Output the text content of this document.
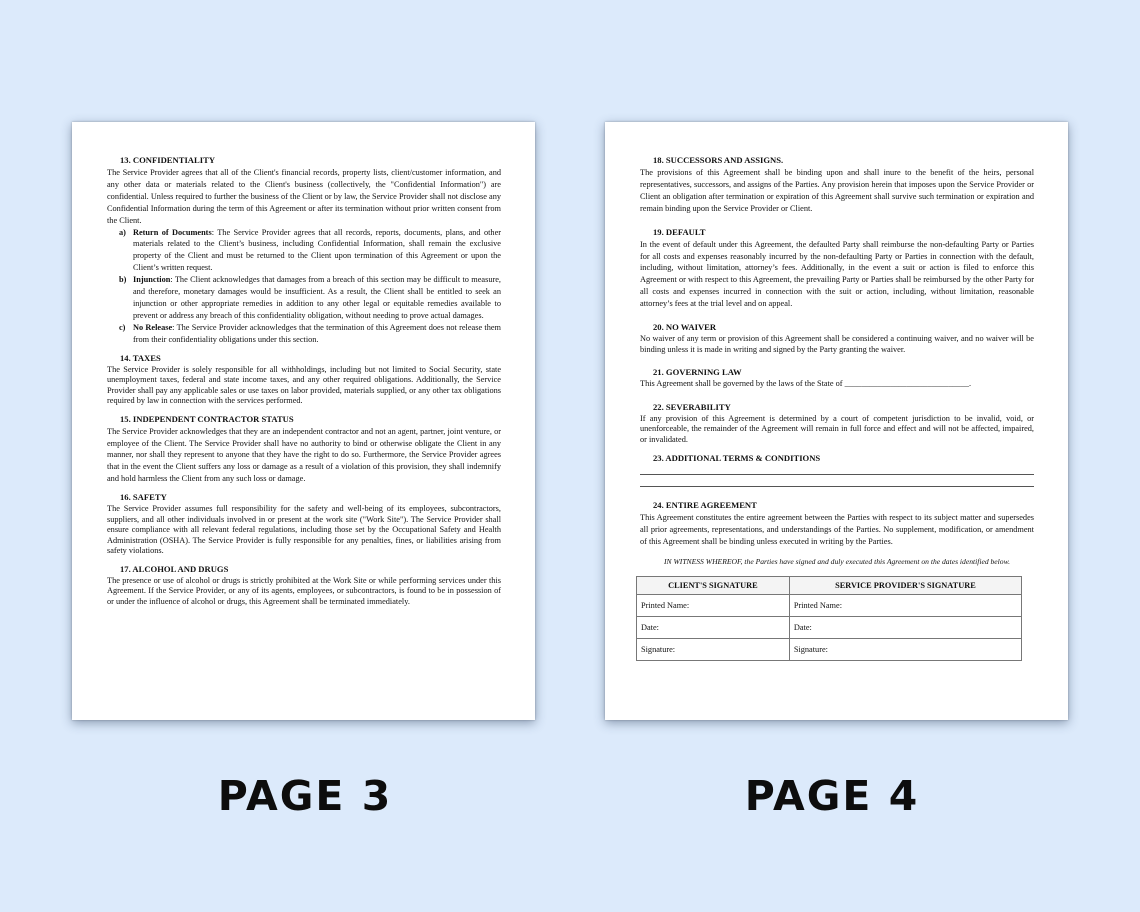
13. CONFIDENTIALITY

The Service Provider agrees that all of the Client's financial records, property lists, client/customer information, and any other data or materials related to the Client's business (collectively, the "Confidential Information") are confidential. Unless required to further the business of the Client or by law, the Service Provider shall not disclose any Confidential Information during the term of this Agreement or after its termination without prior written consent from the Client.

a) Return of Documents: The Service Provider agrees that all records, reports, documents, plans, and other materials related to the Client’s business, including Confidential Information, shall remain the exclusive property of the Client and must be returned to the Client upon termination of this Agreement or upon the Client’s written request.
b) Injunction: The Client acknowledges that damages from a breach of this section may be difficult to measure, and therefore, monetary damages would be insufficient. As a result, the Client shall be entitled to seek an injunction or other appropriate remedies in addition to any other legal or equitable remedies available to prevent or address any breach of this confidentiality obligation, without needing to prove actual damages.
c) No Release: The Service Provider acknowledges that the termination of this Agreement does not release them from their confidentiality obligations under this section.
14. TAXES

The Service Provider is solely responsible for all withholdings, including but not limited to Social Security, state unemployment taxes, federal and state income taxes, and any other required obligations. Additionally, the Service Provider shall pay any applicable sales or use taxes on labor provided, materials supplied, or any other tax obligations required by law in connection with the services performed.

15. INDEPENDENT CONTRACTOR STATUS

The Service Provider acknowledges that they are an independent contractor and not an agent, partner, joint venture, or employee of the Client. The Service Provider shall have no authority to bind or otherwise obligate the Client in any manner, nor shall they represent to anyone that they have the right to do so. Furthermore, the Service Provider agrees that in the event the Client suffers any loss or damage as a result of a violation of this provision, they shall indemnify and hold harmless the Client from any such loss or damage.

16. SAFETY

The Service Provider assumes full responsibility for the safety and well-being of its employees, subcontractors, suppliers, and all other individuals involved in or present at the work site ("Work Site"). The Service Provider shall ensure compliance with all relevant federal regulations, including those set by the Occupational Safety and Health Administration (OSHA). The Service Provider is fully responsible for any penalties, fines, or liabilities arising from safety violations.

17. ALCOHOL AND DRUGS

The presence or use of alcohol or drugs is strictly prohibited at the Work Site or while performing services under this Agreement. If the Service Provider, or any of its agents, employees, or subcontractors, is found to be in possession of or under the influence of alcohol or drugs, this Agreement shall be terminated immediately.

18. SUCCESSORS AND ASSIGNS.

The provisions of this Agreement shall be binding upon and shall inure to the benefit of the heirs, personal representatives, successors, and assigns of the Parties. Any provision herein that imposes upon the Service Provider or Client an obligation after termination or expiration of this Agreement shall survive such termination or expiration and remain binding upon the Service Provider or Client.

19. DEFAULT

In the event of default under this Agreement, the defaulted Party shall reimburse the non-defaulting Party or Parties for all costs and expenses reasonably incurred by the non-defaulting Party or Parties in connection with the default, including, without limitation, attorney’s fees. Additionally, in the event a suit or action is filed to enforce this Agreement or with respect to this Agreement, the prevailing Party or Parties shall be reimbursed by the other Party for all costs and expenses incurred in connection with the suit or action, including, without limitation, reasonable attorney’s fees at the trial level and on appeal.

20. NO WAIVER

No waiver of any term or provision of this Agreement shall be considered a continuing waiver, and no waiver will be binding unless it is made in writing and signed by the Party granting the waiver.

21. GOVERNING LAW

This Agreement shall be governed by the laws of the State of ______________________________.

22. SEVERABILITY

If any provision of this Agreement is determined by a court of competent jurisdiction to be invalid, void, or unenforceable, the remainder of the Agreement will remain in full force and effect and will not be affected, impaired, or invalidated.

23. ADDITIONAL TERMS & CONDITIONS
24. ENTIRE AGREEMENT

This Agreement constitutes the entire agreement between the Parties with respect to its subject matter and supersedes all prior agreements, representations, and understandings of the Parties. No supplement, modification, or amendment of this Agreement shall be binding unless executed in writing by the Parties.

IN WITNESS WHEREOF, the Parties have signed and duly executed this Agreement on the dates identified below.

CLIENT'S SIGNATURE	SERVICE PROVIDER'S SIGNATURE
Printed Name:	Printed Name:
Date:	Date:
Signature:	Signature:
PAGE 3	PAGE 4
